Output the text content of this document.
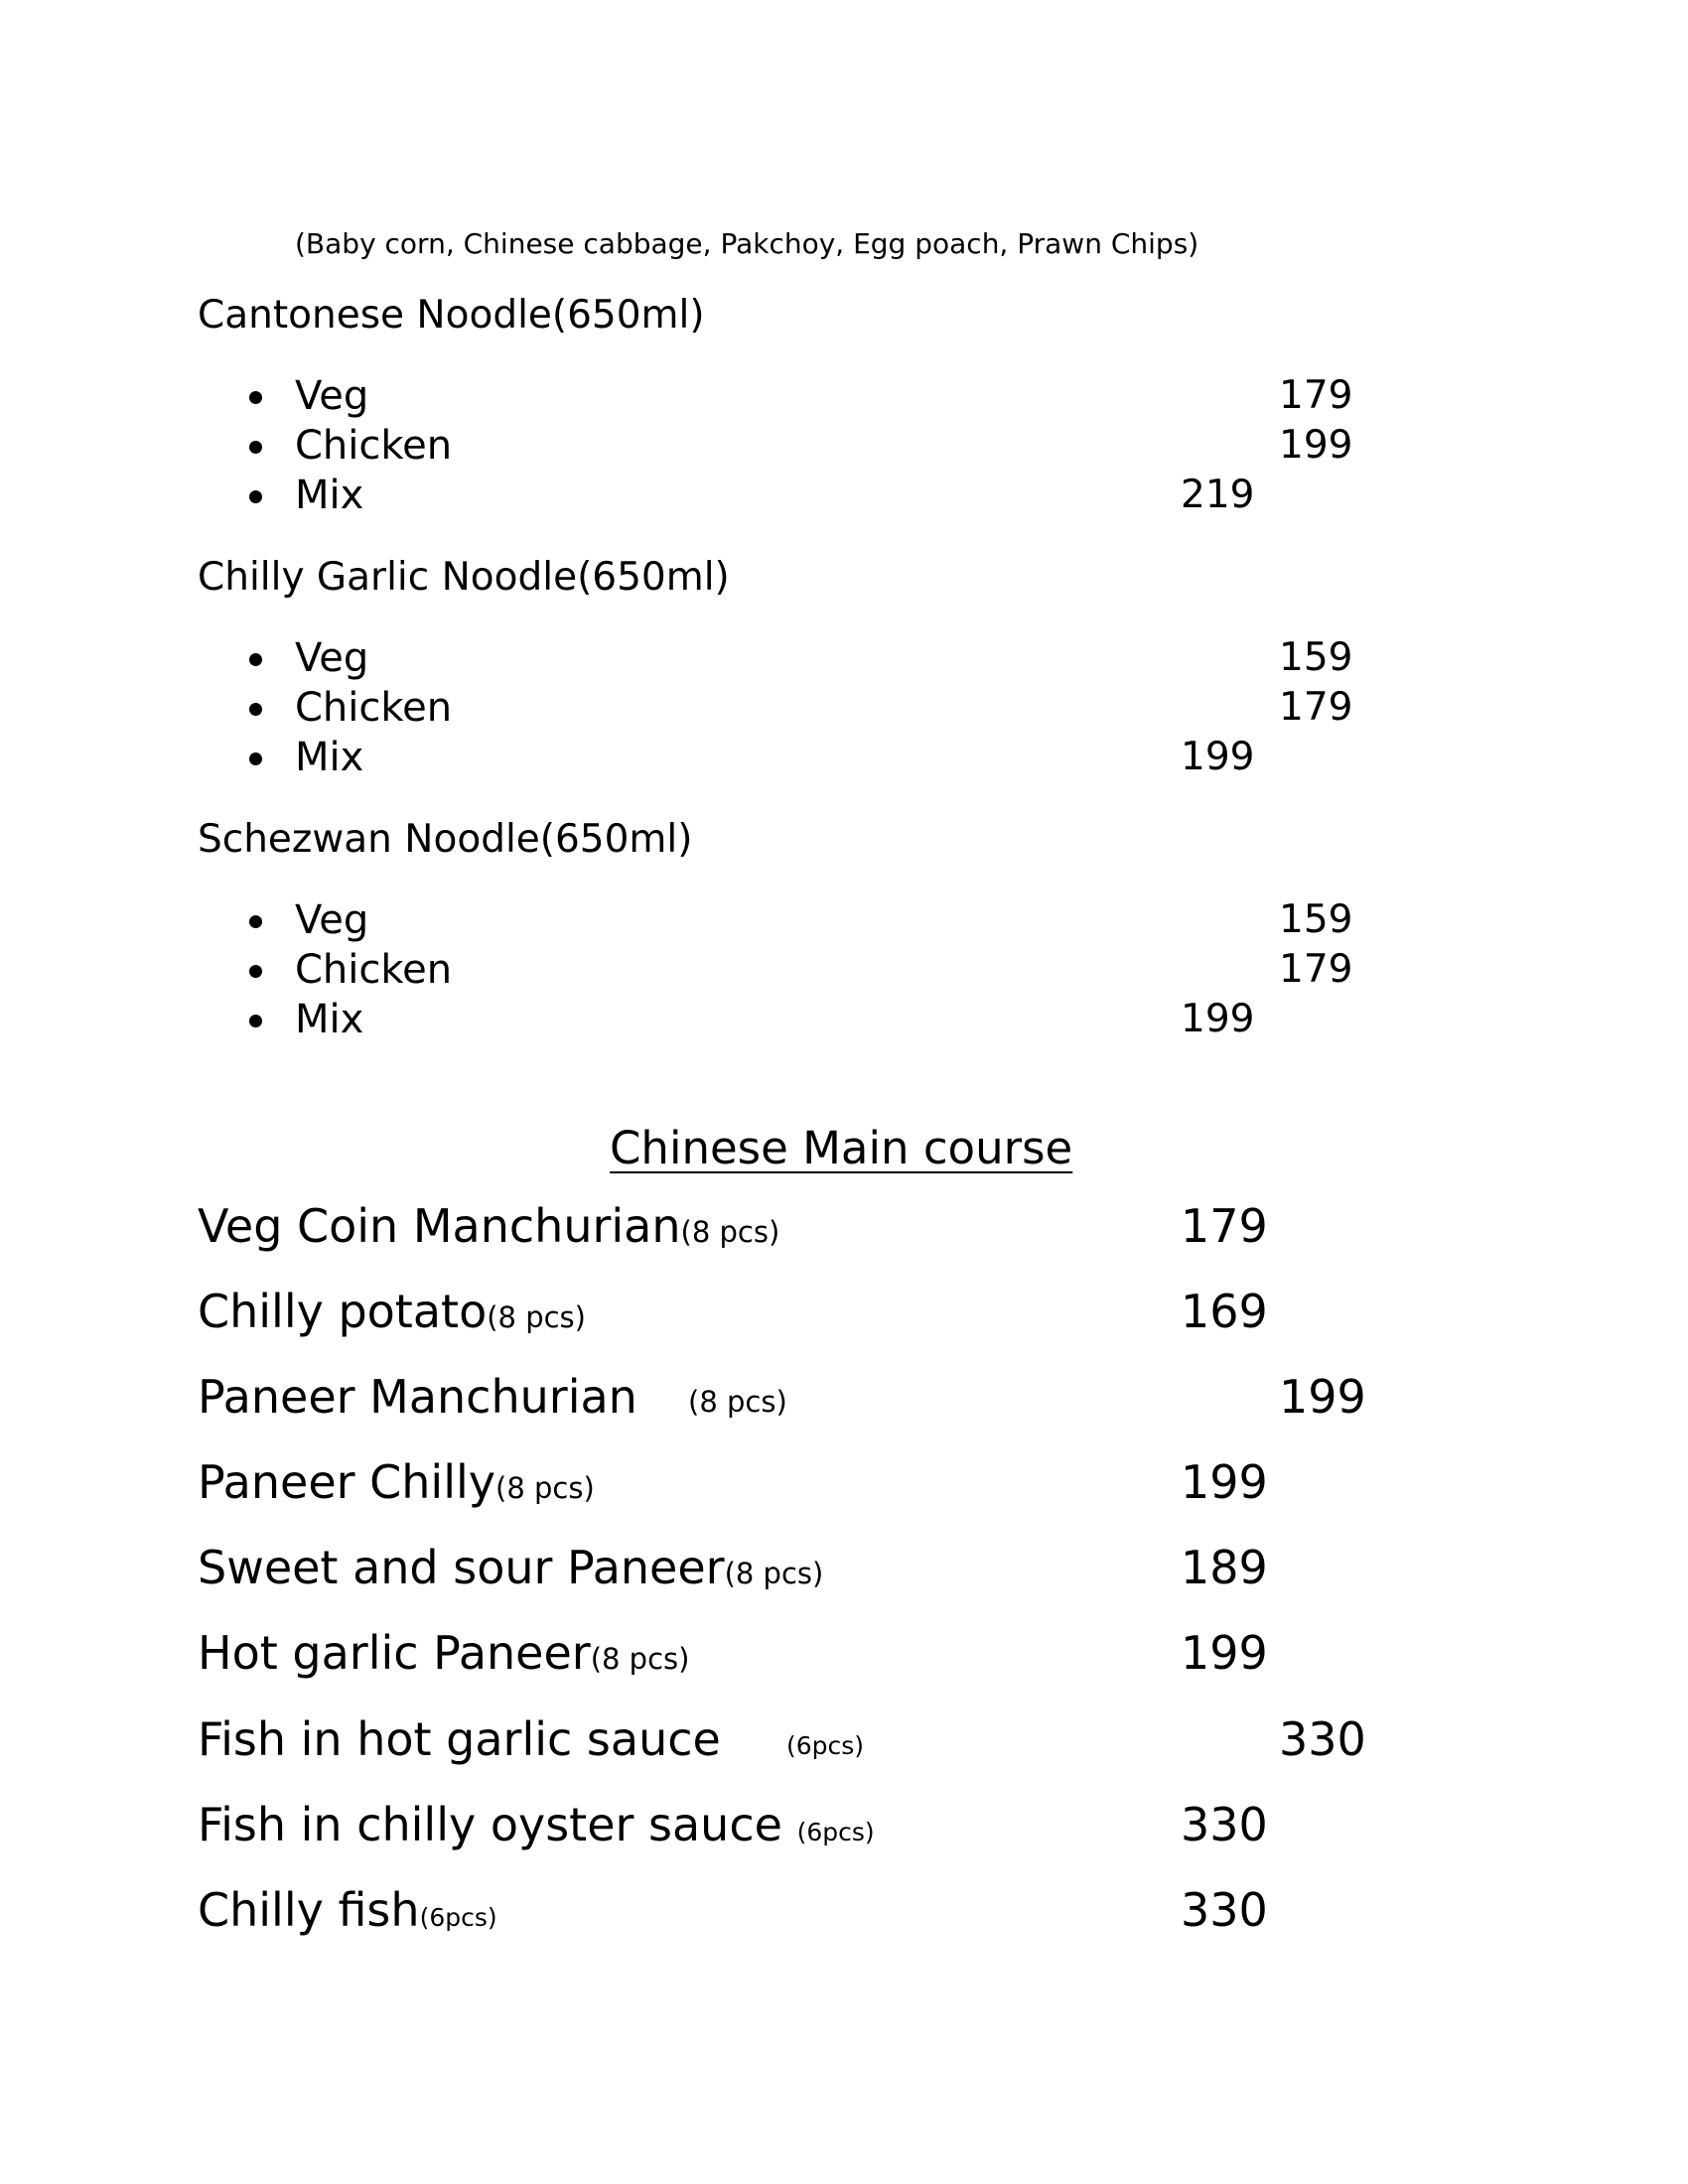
(Baby corn, Chinese cabbage, Pakchoy, Egg poach, Prawn Chips)
Cantonese Noodle(650ml)
Veg	179
Chicken	199
Mix	219
Chilly Garlic Noodle(650ml)
Veg	159
Chicken	179
Mix	199
Schezwan Noodle(650ml)
Veg	159
Chicken	179
Mix	199
Chinese Main course
Veg Coin Manchurian(8 pcs)	179
Chilly potato(8 pcs)	169
Paneer Manchurian (8 pcs)	199
Paneer Chilly(8 pcs)	199
Sweet and sour Paneer(8 pcs)	189
Hot garlic Paneer(8 pcs)	199
Fish in hot garlic sauce	(6pcs)	330
Fish in chilly oyster sauce (6pcs)	330
Chilly fish(6pcs)	330
